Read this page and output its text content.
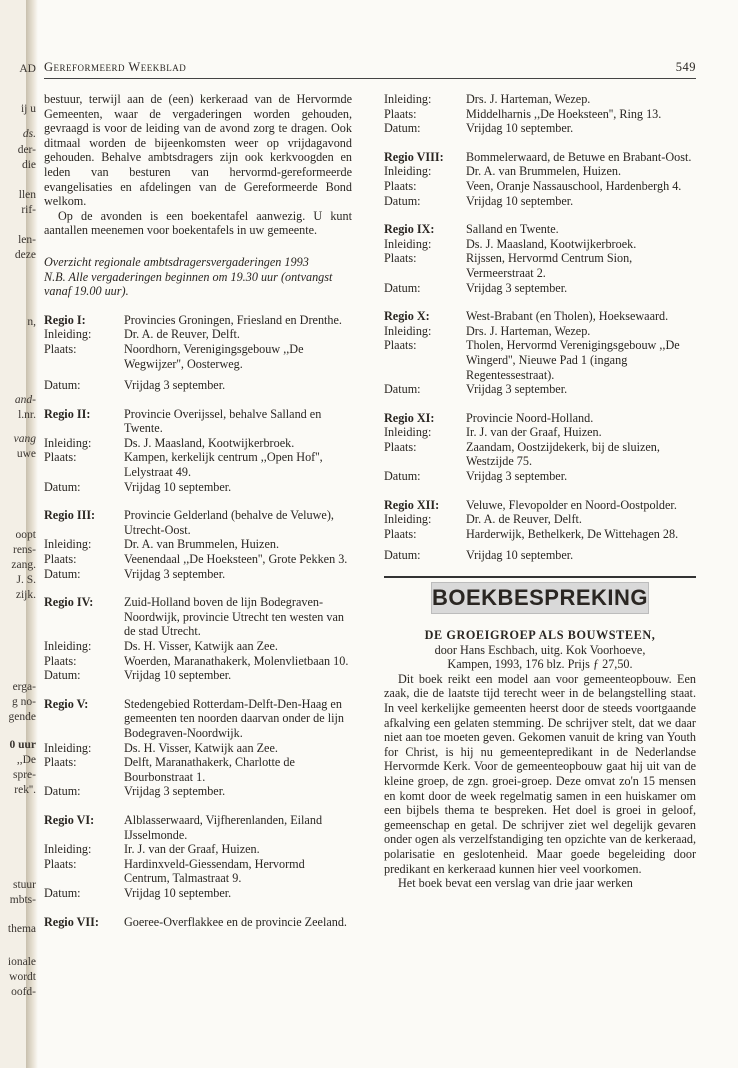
AD
ij u
ds.
der-
die
llen
rif-
len-
deze
n,
and-
l.nr.
vang
uwe
oopt
rens-
zang.
J. S.
zijk.
erga-
g no-
gende
0 uur
,,De
spre-
rek''.
stuur
mbts-
thema
ionale
wordt
oofd-
Gereformeerd Weekblad	549

bestuur, terwijl aan de (een) kerkeraad van de Hervormde Gemeenten, waar de vergaderingen worden gehouden, gevraagd is voor de leiding van de avond zorg te dragen. Ook ditmaal worden de bijeenkomsten weer op vrijdagavond gehouden. Behalve ambtsdragers zijn ook kerkvoogden en leden van besturen van hervormd-gereformeerde evangelisaties en afdelingen van de Gereformeerde Bond welkom.

Op de avonden is een boekentafel aanwezig. U kunt aantallen meenemen voor boekentafels in uw gemeente.

Overzicht regionale ambtsdragersvergaderingen 1993
N.B. Alle vergaderingen beginnen om 19.30 uur (ontvangst vanaf 19.00 uur).
Regio I:	Provincies Groningen, Friesland en Drenthe.
Inleiding:	Dr. A. de Reuver, Delft.
Plaats:	Noordhorn, Verenigingsgebouw ,,De Wegwijzer'', Oosterweg.
Datum:	Vrijdag 3 september.
Regio II:	Provincie Overijssel, behalve Salland en Twente.
Inleiding:	Ds. J. Maasland, Kootwijkerbroek.
Plaats:	Kampen, kerkelijk centrum ,,Open Hof'', Lelystraat 49.
Datum:	Vrijdag 10 september.
Regio III:	Provincie Gelderland (behalve de Veluwe), Utrecht-Oost.
Inleiding:	Dr. A. van Brummelen, Huizen.
Plaats:	Veenendaal ,,De Hoeksteen'', Grote Pekken 3.
Datum:	Vrijdag 3 september.
Regio IV:	Zuid-Holland boven de lijn Bodegraven-Noordwijk, provincie Utrecht ten westen van de stad Utrecht.
Inleiding:	Ds. H. Visser, Katwijk aan Zee.
Plaats:	Woerden, Maranathakerk, Molenvlietbaan 10.
Datum:	Vrijdag 10 september.
Regio V:	Stedengebied Rotterdam-Delft-Den-Haag en gemeenten ten noorden daarvan onder de lijn Bodegraven-Noordwijk.
Inleiding:	Ds. H. Visser, Katwijk aan Zee.
Plaats:	Delft, Maranathakerk, Charlotte de Bourbonstraat 1.
Datum:	Vrijdag 3 september.
Regio VI:	Alblasserwaard, Vijfherenlanden, Eiland IJsselmonde.
Inleiding:	Ir. J. van der Graaf, Huizen.
Plaats:	Hardinxveld-Giessendam, Hervormd Centrum, Talmastraat 9.
Datum:	Vrijdag 10 september.
Regio VII:	Goeree-Overflakkee en de provincie Zeeland.
Inleiding:	Drs. J. Harteman, Wezep.
Plaats:	Middelharnis ,,De Hoeksteen'', Ring 13.
Datum:	Vrijdag 10 september.
Regio VIII:	Bommelerwaard, de Betuwe en Brabant-Oost.
Inleiding:	Dr. A. van Brummelen, Huizen.
Plaats:	Veen, Oranje Nassauschool, Hardenbergh 4.
Datum:	Vrijdag 10 september.
Regio IX:	Salland en Twente.
Inleiding:	Ds. J. Maasland, Kootwijkerbroek.
Plaats:	Rijssen, Hervormd Centrum Sion, Vermeerstraat 2.
Datum:	Vrijdag 3 september.
Regio X:	West-Brabant (en Tholen), Hoeksewaard.
Inleiding:	Drs. J. Harteman, Wezep.
Plaats:	Tholen, Hervormd Verenigingsgebouw ,,De Wingerd'', Nieuwe Pad 1 (ingang Regentessestraat).
Datum:	Vrijdag 3 september.
Regio XI:	Provincie Noord-Holland.
Inleiding:	Ir. J. van der Graaf, Huizen.
Plaats:	Zaandam, Oostzijdekerk, bij de sluizen, Westzijde 75.
Datum:	Vrijdag 3 september.
Regio XII:	Veluwe, Flevopolder en Noord-Oostpolder.
Inleiding:	Dr. A. de Reuver, Delft.
Plaats:	Harderwijk, Bethelkerk, De Wittehagen 28.
Datum:	Vrijdag 10 september.
BOEKBESPREKING
DE GROEIGROEP ALS BOUWSTEEN,
door Hans Eschbach, uitg. Kok Voorhoeve,
Kampen, 1993, 176 blz. Prijs ƒ 27,50.

Dit boek reikt een model aan voor gemeenteopbouw. Een zaak, die de laatste tijd terecht weer in de belangstelling staat. In veel kerkelijke gemeenten heerst door de steeds voortgaande afkalving een gelaten stemming. De schrijver stelt, dat we daar niet aan toe moeten geven. Gekomen vanuit de kring van Youth for Christ, is hij nu gemeentepredikant in de Nederlandse Hervormde Kerk. Voor de gemeenteopbouw gaat hij uit van de kleine groep, de zgn. groei-groep. Deze omvat zo'n 15 mensen en komt door de week regelmatig samen in een huiskamer om een bijbels thema te bespreken. Het doel is groei in geloof, gemeenschap en getal. De schrijver ziet wel degelijk gevaren onder ogen als verzelfstandiging ten opzichte van de kerkeraad, polarisatie en geslotenheid. Maar goede begeleiding door predikant en kerkeraad kunnen hier veel voorkomen.

Het boek bevat een verslag van drie jaar werken
